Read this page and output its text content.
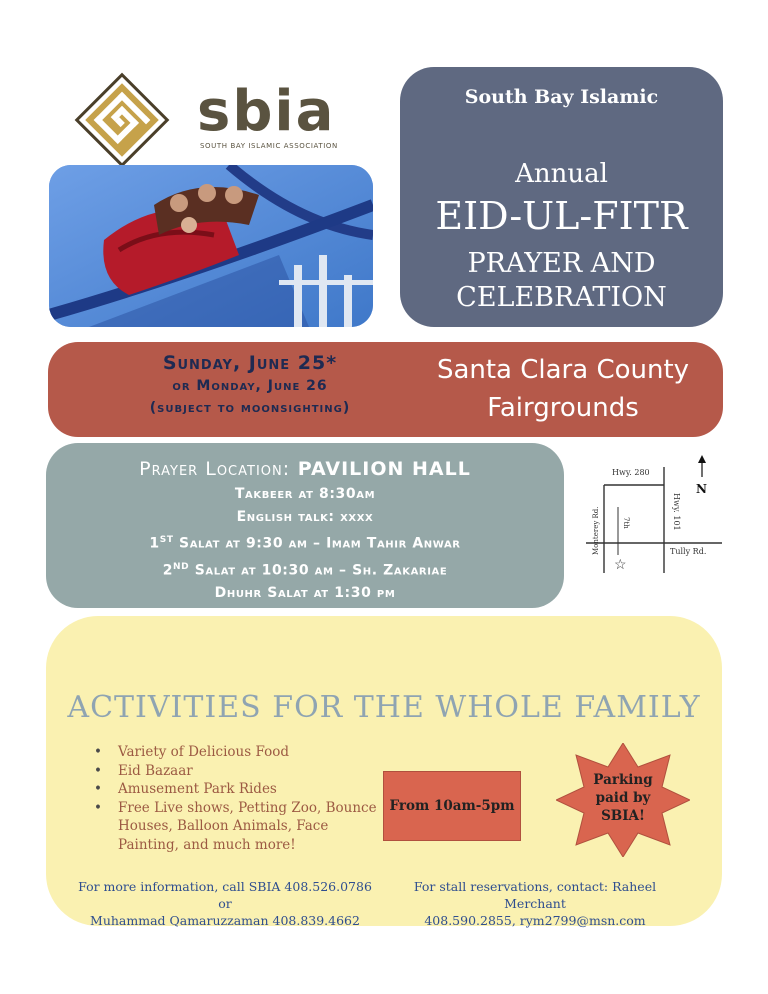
sbia
SOUTH BAY ISLAMIC ASSOCIATION
South Bay Islamic
Annual
EID-UL-FITR
PRAYER AND
CELEBRATION
Sunday, June 25*
or Monday, June 26
(subject to moonsighting)
Santa Clara County
Fairgrounds
Prayer Location: PAVILION HALL
Takbeer at 8:30am
English talk: xxxx
1ST Salat at 9:30 am – Imam Tahir Anwar
2ND Salat at 10:30 am – Sh. Zakariae
Dhuhr Salat at 1:30 pm
Hwy. 280
Hwy. 101
Monterey Rd.	7th
Tully Rd.
N
☆
ACTIVITIES FOR THE WHOLE FAMILY
• Variety of Delicious Food
• Eid Bazaar
• Amusement Park Rides
• Free Live shows, Petting Zoo, Bounce Houses, Balloon Animals, Face Painting, and much more!
From 10am-5pm
Parking
paid by
SBIA!
For more information, call SBIA 408.526.0786 or
Muhammad Qamaruzzaman 408.839.4662
For stall reservations, contact: Raheel Merchant
408.590.2855, rym2799@msn.com
